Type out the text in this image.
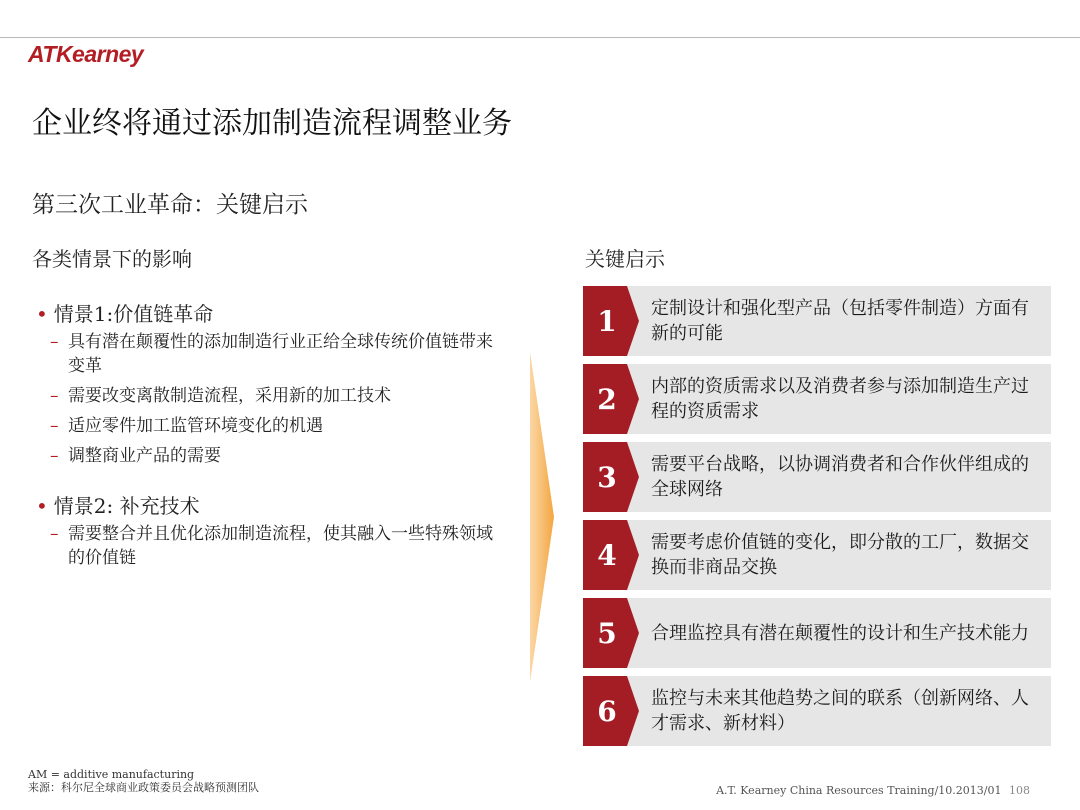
ATKearney
企业终将通过添加制造流程调整业务
第三次工业革命：关键启示
各类情景下的影响	关键启示
• 情景1:价值链革命
– 具有潜在颠覆性的添加制造行业正给全球传统价值链带来变革
– 需要改变离散制造流程，采用新的加工技术
– 适应零件加工监管环境变化的机遇
– 调整商业产品的需要
• 情景2: 补充技术
– 需要整合并且优化添加制造流程，使其融入一些特殊领域的价值链
1	定制设计和强化型产品（包括零件制造）方面有新的可能
2	内部的资质需求以及消费者参与添加制造生产过程的资质需求
3	需要平台战略，以协调消费者和合作伙伴组成的全球网络
4	需要考虑价值链的变化，即分散的工厂，数据交换而非商品交换
5	合理监控具有潜在颠覆性的设计和生产技术能力
6	监控与未来其他趋势之间的联系（创新网络、人才需求、新材料）
AM = additive manufacturing
来源：科尔尼全球商业政策委员会战略预测团队	A.T. Kearney China Resources Training/10.2013/01 108
